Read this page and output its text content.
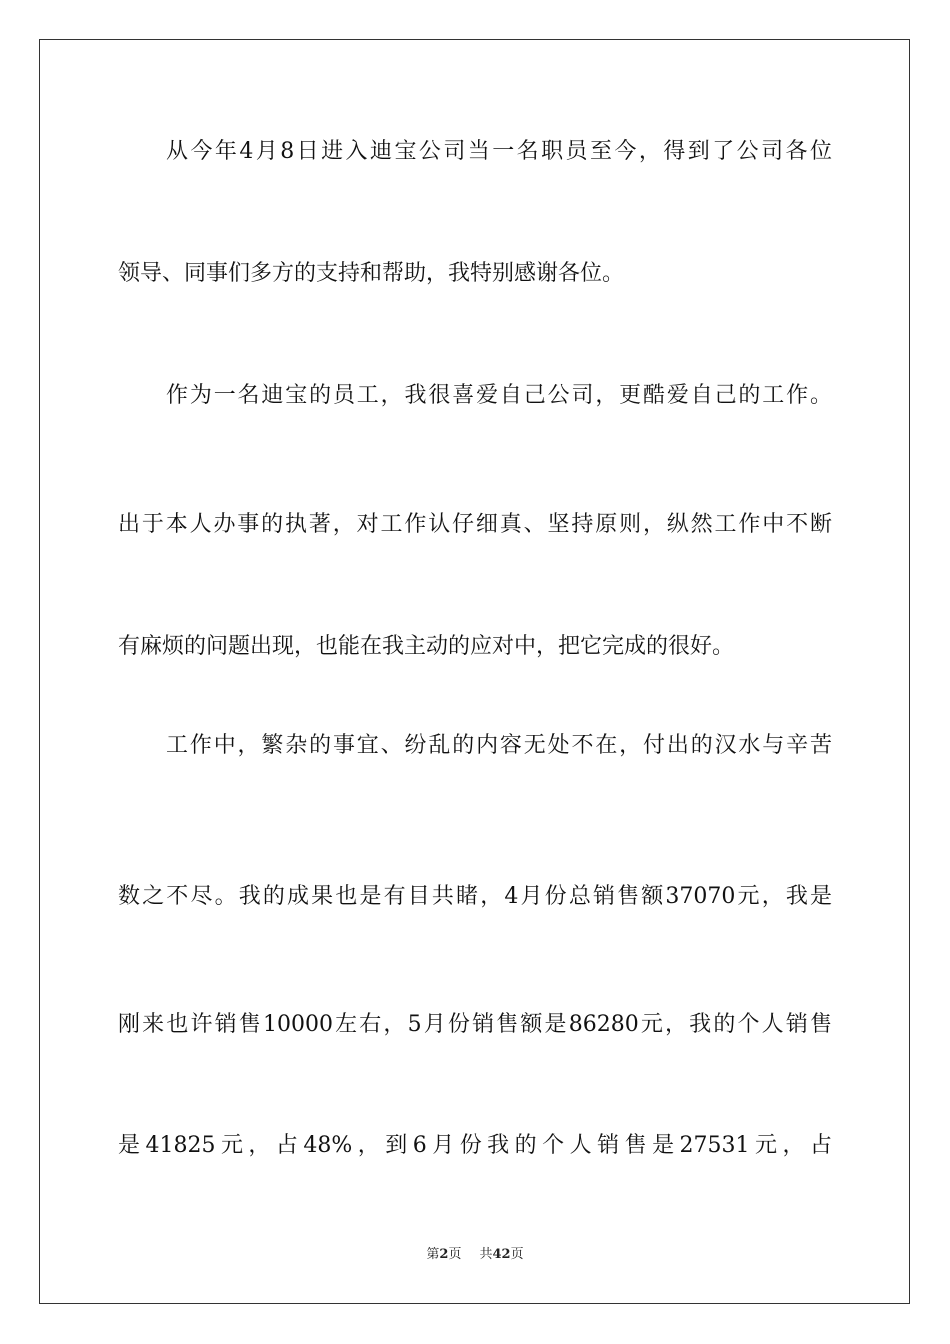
从今年4月8日进入迪宝公司当一名职员至今，得到了公司各位
领导、同事们多方的支持和帮助，我特别感谢各位。
作为一名迪宝的员工，我很喜爱自己公司，更酷爱自己的工作。
出于本人办事的执著，对工作认仔细真、坚持原则，纵然工作中不断
有麻烦的问题出现，也能在我主动的应对中，把它完成的很好。
工作中，繁杂的事宜、纷乱的内容无处不在，付出的汉水与辛苦
数之不尽。我的成果也是有目共睹，4月份总销售额37070元，我是
刚来也许销售10000左右，5月份销售额是86280元，我的个人销售
是41825元，占48%，到6月份我的个人销售是27531元，占
第2页 共42页
